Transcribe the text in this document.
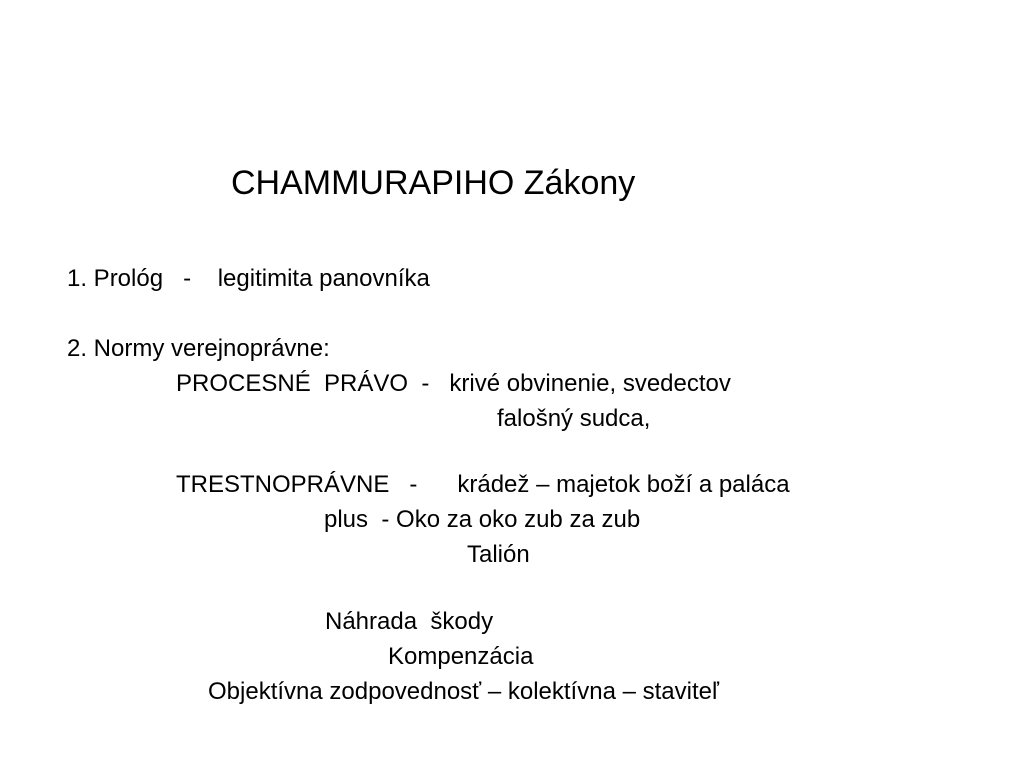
CHAMMURAPIHO Zákony
1. Prológ   -    legitimita panovníka
2. Normy verejnoprávne:
PROCESNÉ  PRÁVO  -   krivé obvinenie, svedectov
falošný sudca,
TRESTNOPRÁVNE   -      krádež – majetok boží a paláca
plus  - Oko za oko zub za zub
Talión
Náhrada  škody
Kompenzácia
Objektívna zodpovednosť – kolektívna – staviteľ
